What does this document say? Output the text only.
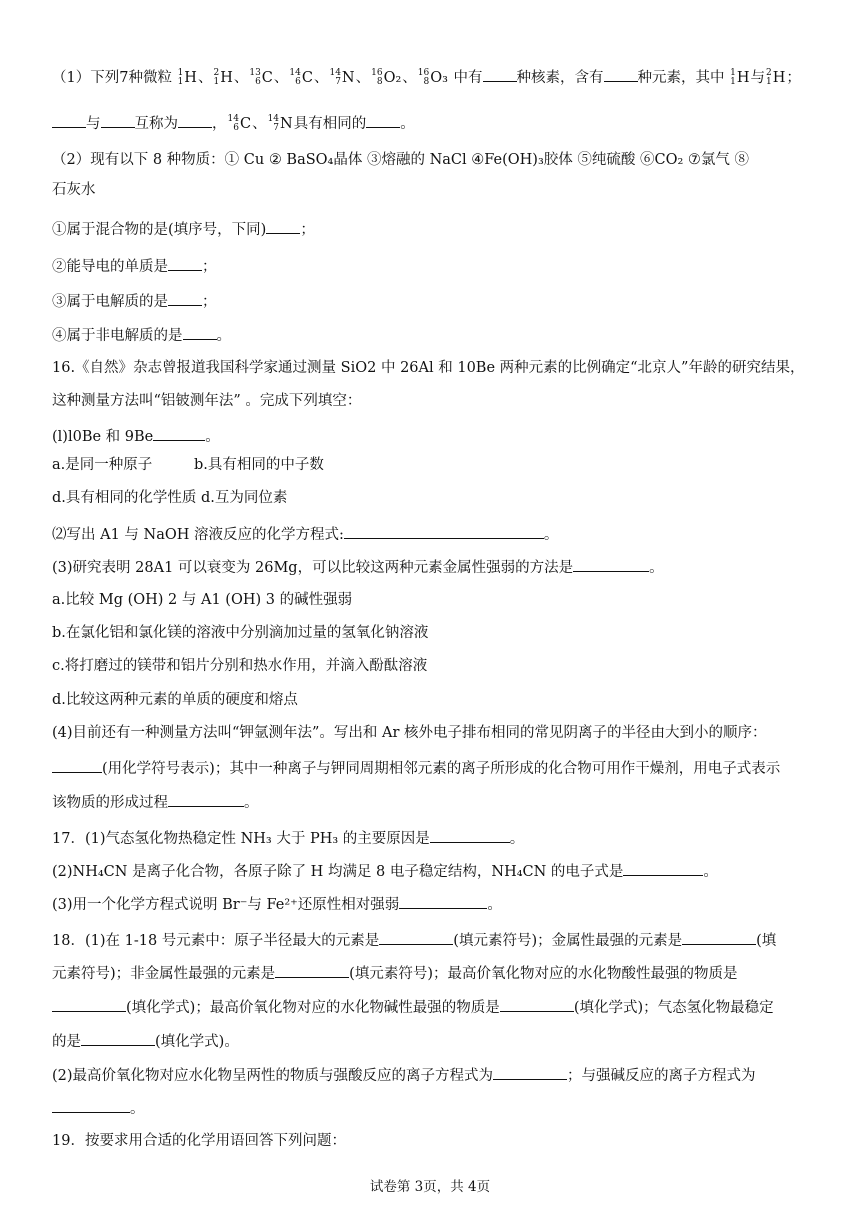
（1）下列7种微粒 1
1 H、 2
1 H、 13
6 C、 14
6 C、 14
7 N、 16
8 O₂、 16
8 O₃ 中有 种核素，含有 种元素，其中 1
1 H与 2
1 H；
与 互称为 ， 14
6 C、 14
7 N具有相同的 。
（2）现有以下 8 种物质：① Cu ② BaSO₄晶体 ③熔融的 NaCl ④Fe(OH)₃胶体 ⑤纯硫酸 ⑥CO₂ ⑦氯气 ⑧
石灰水
①属于混合物的是(填序号，下同) ；
②能导电的单质是 ；
③属于电解质的是 ；
④属于非电解质的是 。
16.《自然》杂志曾报道我国科学家通过测量 SiO2 中 26Al 和 10Be 两种元素的比例确定“北京人”年龄的研究结果，
这种测量方法叫“铝铍测年法” 。完成下列填空：
(l)l0Be 和 9Be	。
a.是同一种原子	b.具有相同的中子数
d.具有相同的化学性质 d.互为同位素
⑵写出 A1 与 NaOH 溶液反应的化学方程式:	。
(3)研究表明 28A1 可以衰变为 26Mg，可以比较这两种元素金属性强弱的方法是	。
a.比较 Mg (OH) 2 与 A1 (OH) 3 的碱性强弱
b.在氯化铝和氯化镁的溶液中分别滴加过量的氢氧化钠溶液
c.将打磨过的镁带和铝片分别和热水作用，并滴入酚酞溶液
d.比较这两种元素的单质的硬度和熔点
(4)目前还有一种测量方法叫“钾氩测年法”。写出和 Ar 核外电子排布相同的常见阴离子的半径由大到小的顺序：
(用化学符号表示)；其中一种离子与钾同周期相邻元素的离子所形成的化合物可用作干燥剂，用电子式表示
该物质的形成过程	。
17．(1)气态氢化物热稳定性 NH₃ 大于 PH₃ 的主要原因是	。
(2)NH₄CN 是离子化合物，各原子除了 H 均满足 8 电子稳定结构，NH₄CN 的电子式是	。
(3)用一个化学方程式说明 Br⁻与 Fe²⁺还原性相对强弱	。
18．(1)在 1-18 号元素中：原子半径最大的元素是	(填元素符号)；金属性最强的元素是	(填
元素符号)；非金属性最强的元素是	(填元素符号)；最高价氧化物对应的水化物酸性最强的物质是
(填化学式)；最高价氧化物对应的水化物碱性最强的物质是	(填化学式)；气态氢化物最稳定
的是	(填化学式)。
(2)最高价氧化物对应水化物呈两性的物质与强酸反应的离子方程式为	；与强碱反应的离子方程式为
。
19．按要求用合适的化学用语回答下列问题：
试卷第 3页，共 4页
